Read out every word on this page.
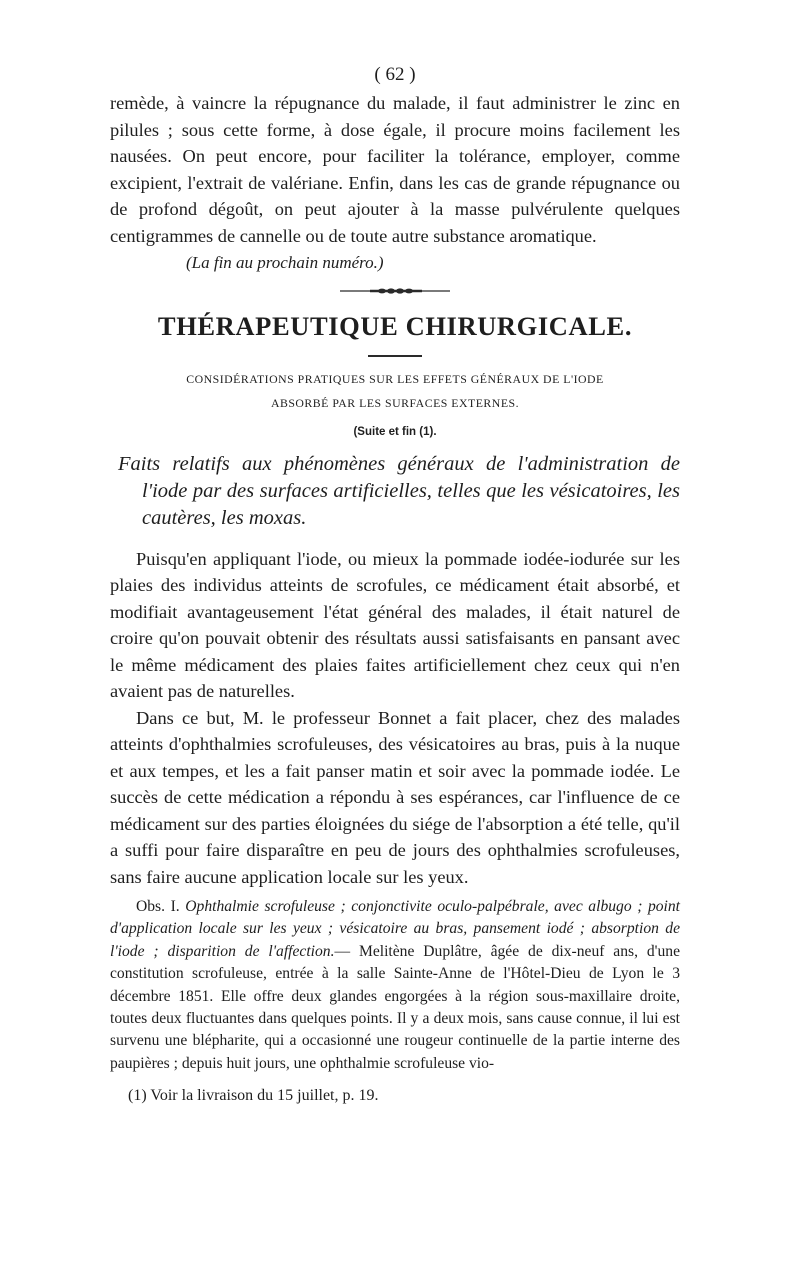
( 62 )

remède, à vaincre la répugnance du malade, il faut administrer le zinc en pilules ; sous cette forme, à dose égale, il procure moins facilement les nausées. On peut encore, pour faciliter la tolérance, employer, comme excipient, l'extrait de valériane. Enfin, dans les cas de grande répugnance ou de profond dégoût, on peut ajouter à la masse pulvérulente quelques centigrammes de cannelle ou de toute autre substance aromatique.

(La fin au prochain numéro.)

THÉRAPEUTIQUE CHIRURGICALE.
CONSIDÉRATIONS PRATIQUES SUR LES EFFETS GÉNÉRAUX DE L'IODE
ABSORBÉ PAR LES SURFACES EXTERNES.
(Suite et fin (1).

Faits relatifs aux phénomènes généraux de l'administration de l'iode par des surfaces artificielles, telles que les vésicatoires, les cautères, les moxas.

Puisqu'en appliquant l'iode, ou mieux la pommade iodée-iodurée sur les plaies des individus atteints de scrofules, ce médicament était absorbé, et modifiait avantageusement l'état général des malades, il était naturel de croire qu'on pouvait obtenir des résultats aussi satisfaisants en pansant avec le même médicament des plaies faites artificiellement chez ceux qui n'en avaient pas de naturelles.

Dans ce but, M. le professeur Bonnet a fait placer, chez des malades atteints d'ophthalmies scrofuleuses, des vésicatoires au bras, puis à la nuque et aux tempes, et les a fait panser matin et soir avec la pommade iodée. Le succès de cette médication a répondu à ses espérances, car l'influence de ce médicament sur des parties éloignées du siége de l'absorption a été telle, qu'il a suffi pour faire disparaître en peu de jours des ophthalmies scrofuleuses, sans faire aucune application locale sur les yeux.

Obs. I. Ophthalmie scrofuleuse ; conjonctivite oculo-palpébrale, avec albugo ; point d'application locale sur les yeux ; vésicatoire au bras, pansement iodé ; absorption de l'iode ; disparition de l'affection.— Melitène Duplâtre, âgée de dix-neuf ans, d'une constitution scrofuleuse, entrée à la salle Sainte-Anne de l'Hôtel-Dieu de Lyon le 3 décembre 1851. Elle offre deux glandes engorgées à la région sous-maxillaire droite, toutes deux fluctuantes dans quelques points. Il y a deux mois, sans cause connue, il lui est survenu une blépharite, qui a occasionné une rougeur continuelle de la partie interne des paupières ; depuis huit jours, une ophthalmie scrofuleuse vio-

(1) Voir la livraison du 15 juillet, p. 19.
